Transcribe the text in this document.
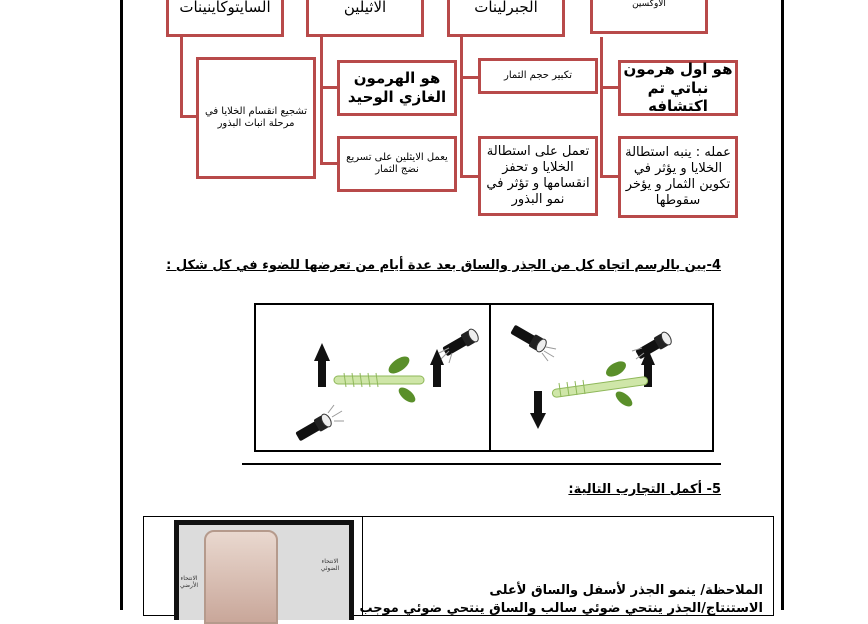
السايتوكاينينات	الاثيلين	الجبرلينات	الاوكسين
تشجيع انقسام الخلايا في مرحلة انبات البذور
هو الهرمون الغازي الوحيد
يعمل الايثلين على تسريع نضج الثمار
تكبير حجم الثمار
تعمل على استطالة الخلايا و تحفز انقسامها و تؤثر في نمو البذور
هو اول هرمون نباتي تم اكتشافه
عمله : ينبه استطالة الخلايا و يؤثر في تكوين الثمار و يؤخر سقوطها
4-بين بالرسم اتجاه كل من الجذر والساق بعد عدة أيام من تعرضها للضوء في كل شكل :
5- أكمل التجارب التالية:
الانتحاء الأرضي
الانتحاء الضوئي
الملاحظة/ ينمو الجذر لأسفل والساق لأعلى
الاستنتاج/الجذر ينتحي ضوئي سالب والساق ينتحي ضوئي موجب
